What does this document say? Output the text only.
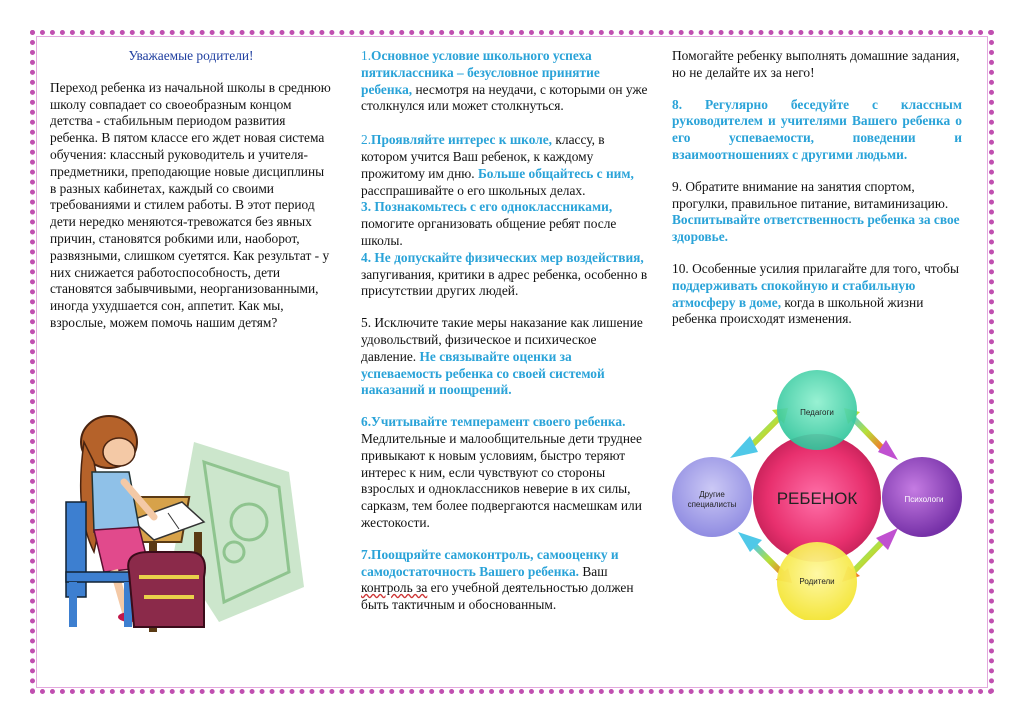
Уважаемые родители!
Переход ребенка из начальной школы в среднюю школу совпадает со своеобразным концом детства - стабильным периодом развития ребенка. В пятом классе его ждет новая система обучения: классный руководитель и учителя-предметники, преподающие новые дисциплины в разных кабинетах, каждый со своими требованиями и стилем работы. В этот период дети нередко меняются-тревожатся без явных причин, становятся робкими или, наоборот, развязными, слишком суетятся. Как результат - у них снижается работоспособность, дети становятся забывчивыми, неорганизованными, иногда ухудшается сон, аппетит. Как мы, взрослые, можем помочь нашим детям?
1.Основное условие школьного успеха пятиклассника – безусловное принятие ребенка, несмотря на неудачи, с которыми он уже столкнулся или может столкнуться.
2.Проявляйте интерес к школе, классу, в котором учится Ваш ребенок, к каждому прожитому им дню. Больше общайтесь с ним, расспрашивайте о его школьных делах.
3. Познакомьтесь с его одноклассниками, помогите организовать общение ребят после школы.
4. Не допускайте физических мер воздействия, запугивания, критики в адрес ребенка, особенно в присутствии других людей.
5. Исключите такие меры наказание как лишение удовольствий, физическое и психическое давление. Не связывайте оценки за успеваемость ребенка со своей системой наказаний и поощрений.
6.Учитывайте темперамент своего ребенка. Медлительные и малообщительные дети труднее привыкают к новым условиям, быстро теряют интерес к ним, если чувствуют со стороны взрослых и одноклассников неверие в их силы, сарказм, тем более подвергаются насмешкам или жестокости.
7.Поощряйте самоконтроль, самооценку и самодостаточность Вашего ребенка. Ваш контроль за его учебной деятельностью должен быть тактичным и обоснованным.
Помогайте ребенку выполнять домашние задания, но не делайте их за него!
8. Регулярно беседуйте с классным руководителем и учителями Вашего ребенка о его успеваемости, поведении и взаимоотношениях с другими людьми.
9. Обратите внимание на занятия спортом, прогулки, правильное питание, витаминизацию. Воспитывайте ответственность ребенка за свое здоровье.
10. Особенные усилия прилагайте для того, чтобы поддерживать спокойную и стабильную атмосферу в доме, когда в школьной жизни ребенка происходят изменения.
РЕБЕНОК
Педагоги
Психологи
Родители
Другие
специалисты
